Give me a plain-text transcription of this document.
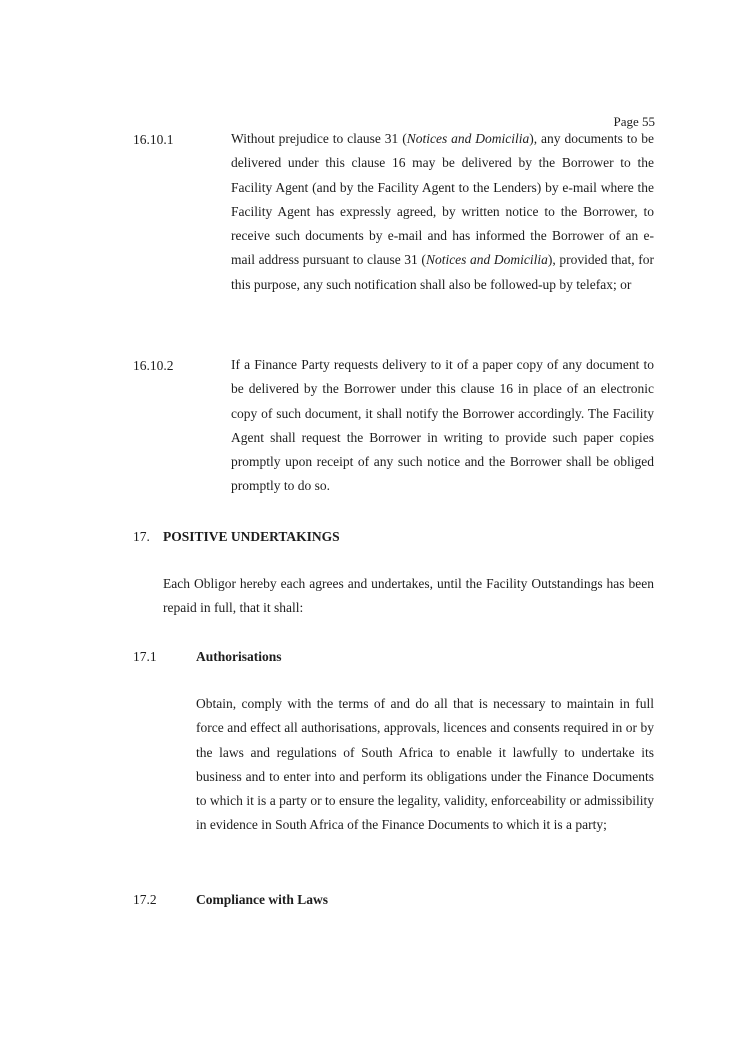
Page 55
16.10.1	Without prejudice to clause 31 (Notices and Domicilia), any documents to be delivered under this clause 16 may be delivered by the Borrower to the Facility Agent (and by the Facility Agent to the Lenders) by e-mail where the Facility Agent has expressly agreed, by written notice to the Borrower, to receive such documents by e-mail and has informed the Borrower of an e-mail address pursuant to clause 31 (Notices and Domicilia), provided that, for this purpose, any such notification shall also be followed-up by telefax; or

16.10.2	If a Finance Party requests delivery to it of a paper copy of any document to be delivered by the Borrower under this clause 16 in place of an electronic copy of such document, it shall notify the Borrower accordingly. The Facility Agent shall request the Borrower in writing to provide such paper copies promptly upon receipt of any such notice and the Borrower shall be obliged promptly to do so.

17. POSITIVE UNDERTAKINGS

Each Obligor hereby each agrees and undertakes, until the Facility Outstandings has been repaid in full, that it shall:

17.1	Authorisations

Obtain, comply with the terms of and do all that is necessary to maintain in full force and effect all authorisations, approvals, licences and consents required in or by the laws and regulations of South Africa to enable it lawfully to undertake its business and to enter into and perform its obligations under the Finance Documents to which it is a party or to ensure the legality, validity, enforceability or admissibility in evidence in South Africa of the Finance Documents to which it is a party;

17.2	Compliance with Laws
